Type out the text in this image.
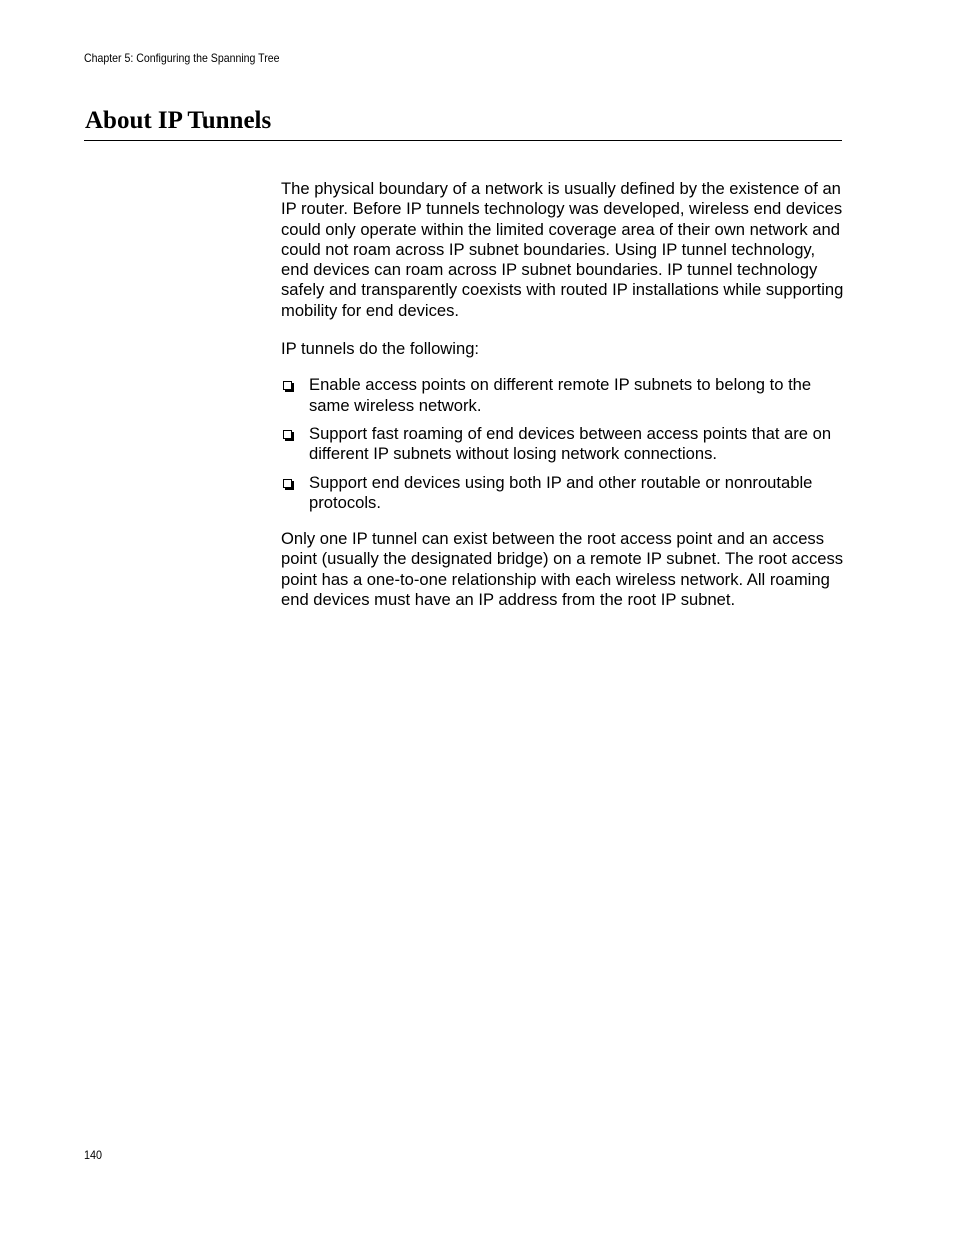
Chapter 5: Configuring the Spanning Tree

About IP Tunnels

The physical boundary of a network is usually defined by the existence of an IP router. Before IP tunnels technology was developed, wireless end devices could only operate within the limited coverage area of their own network and could not roam across IP subnet boundaries. Using IP tunnel technology, end devices can roam across IP subnet boundaries. IP tunnel technology safely and transparently coexists with routed IP installations while supporting mobility for end devices.

IP tunnels do the following:

Enable access points on different remote IP subnets to belong to the same wireless network.
Support fast roaming of end devices between access points that are on different IP subnets without losing network connections.
Support end devices using both IP and other routable or nonroutable protocols.

Only one IP tunnel can exist between the root access point and an access point (usually the designated bridge) on a remote IP subnet. The root access point has a one-to-one relationship with each wireless network. All roaming end devices must have an IP address from the root IP subnet.

140
